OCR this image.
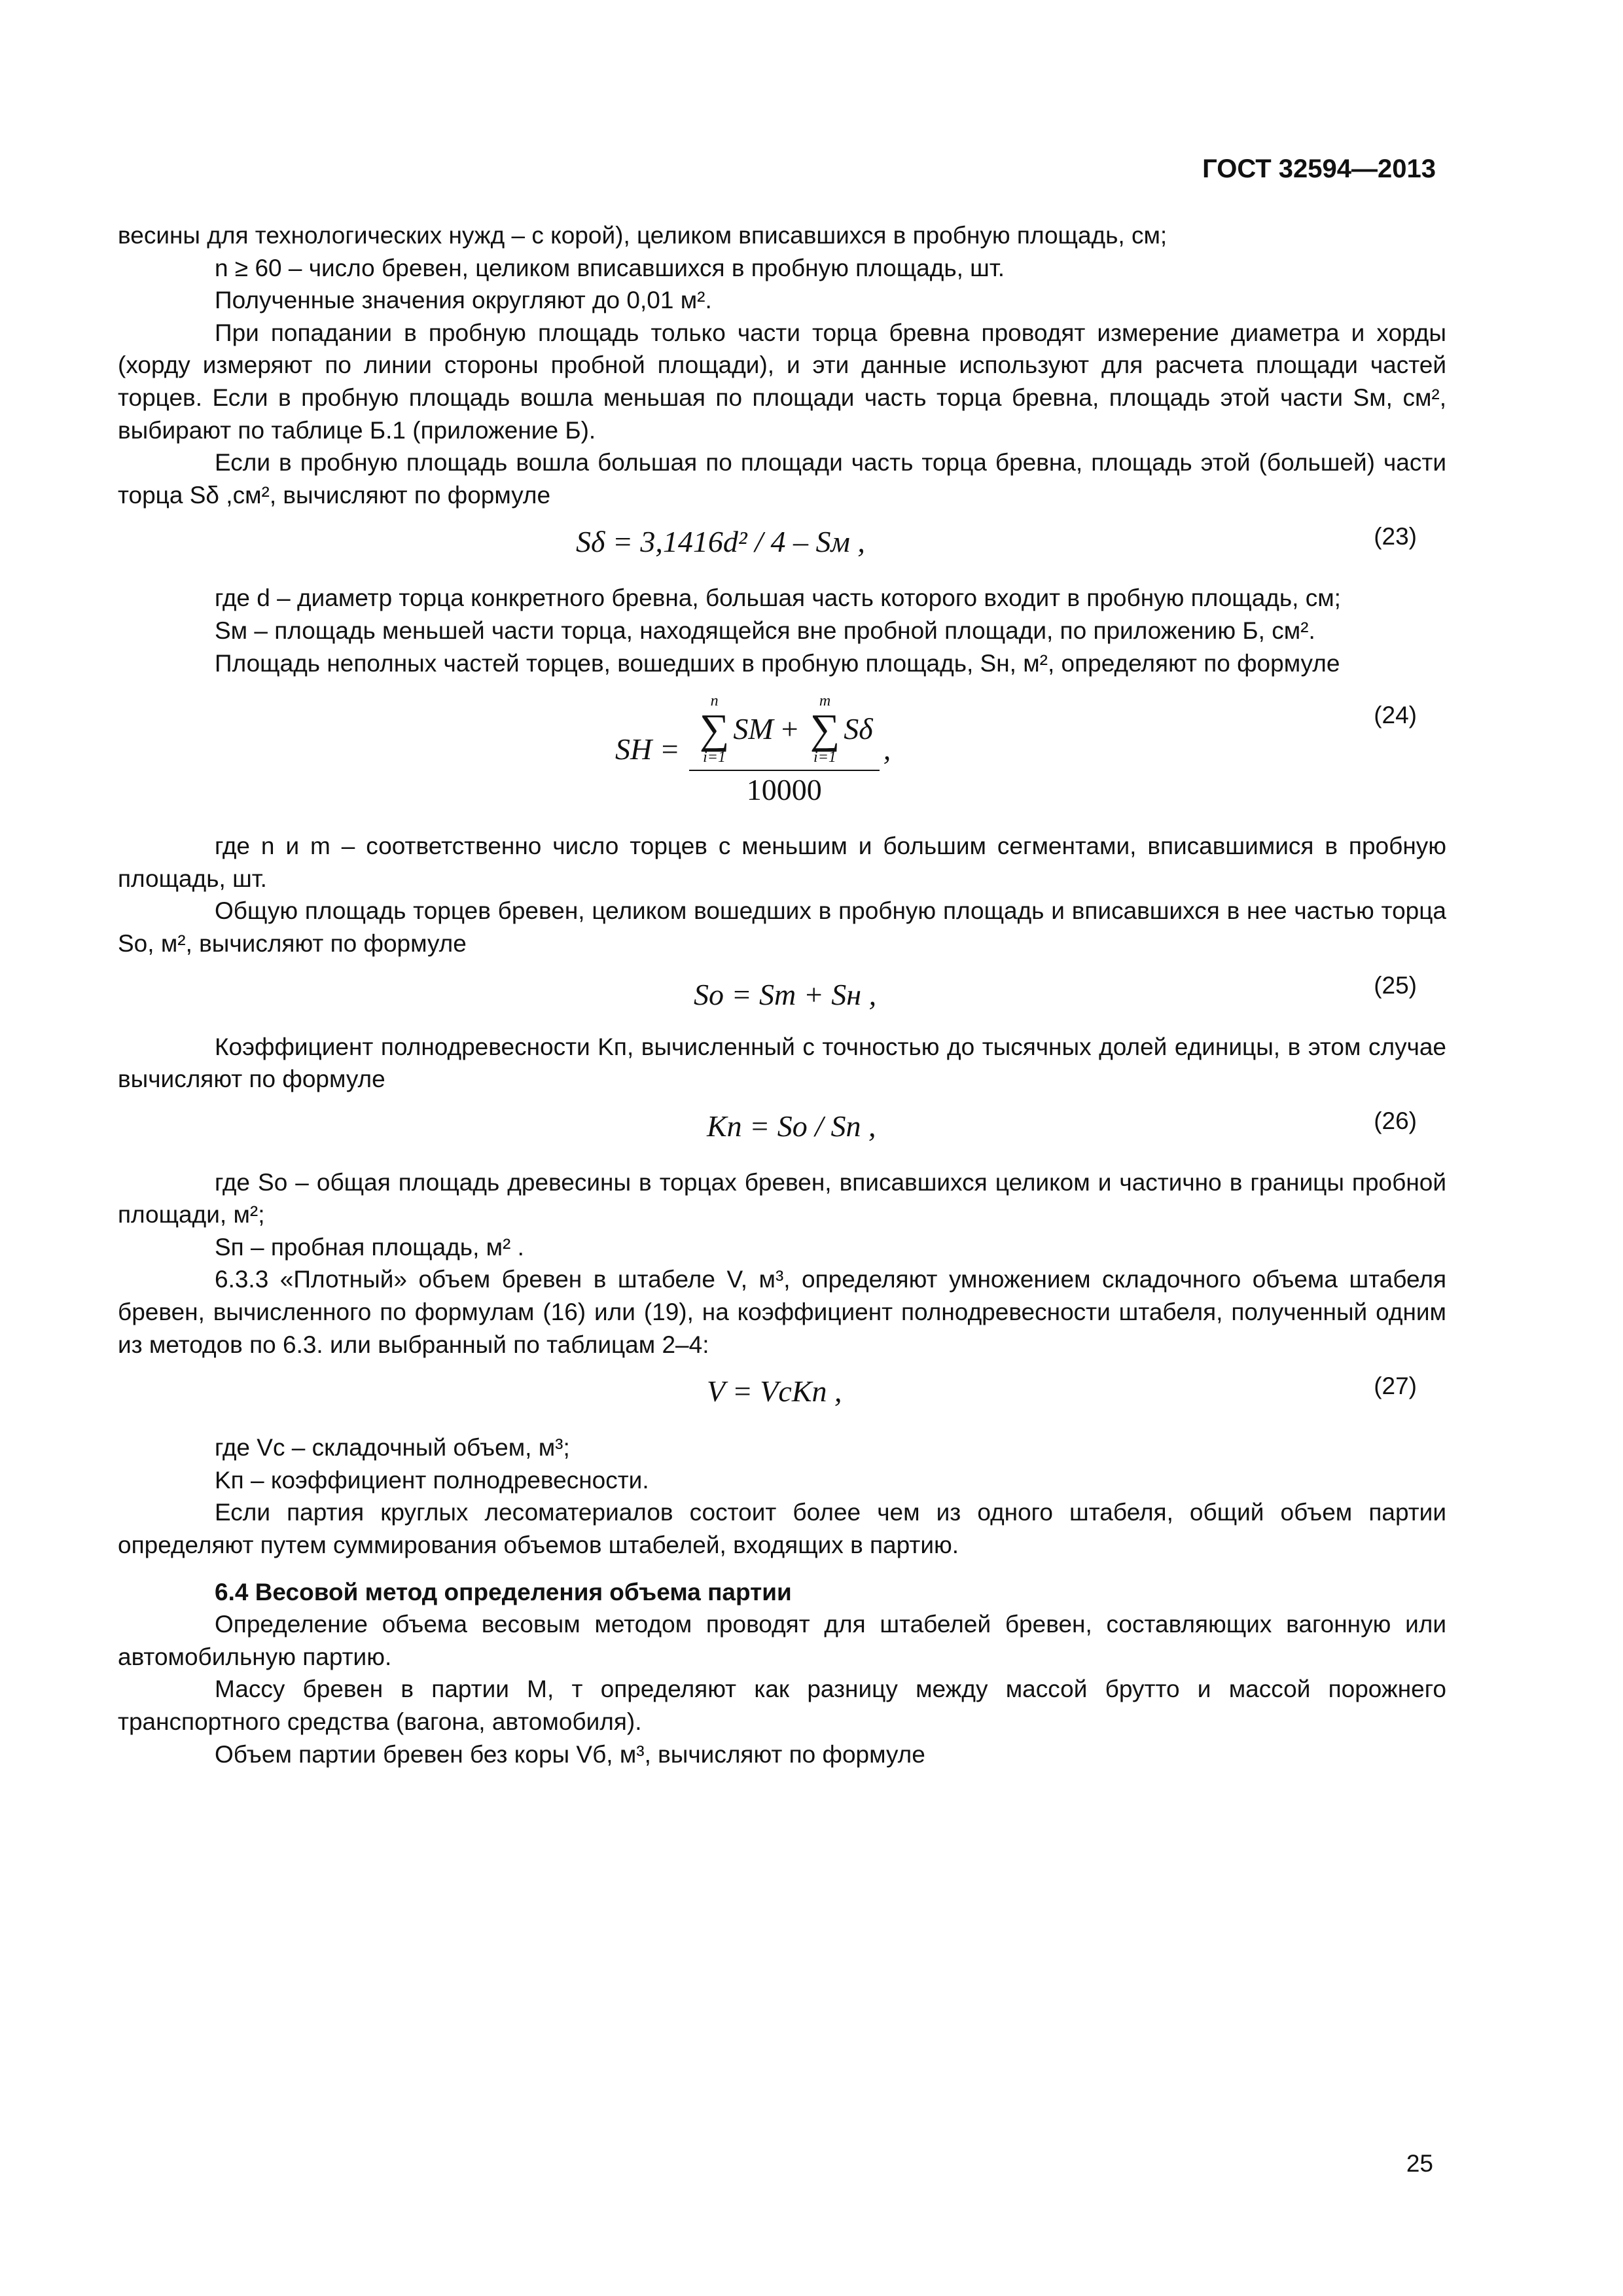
ГОСТ 32594—2013

весины для технологических нужд – с корой), целиком вписавшихся в пробную площадь, см;

n ≥ 60 – число бревен, целиком вписавшихся в пробную площадь, шт.

Полученные значения округляют до 0,01 м².

При попадании в пробную площадь только части торца бревна проводят измерение диаметра и хорды (хорду измеряют по линии стороны пробной площади), и эти данные используют для расчета площади частей торцев. Если в пробную площадь вошла меньшая по площади часть торца бревна, площадь этой части Sм, см², выбирают по таблице Б.1 (приложение Б).

Если в пробную площадь вошла большая по площади часть торца бревна, площадь этой (большей) части торца Sδ ,см², вычисляют по формуле

Sδ = 3,1416d² / 4 – Sм ,	(23)

где d – диаметр торца конкретного бревна, большая часть которого входит в пробную площадь, см;

Sм – площадь меньшей части торца, находящейся вне пробной площади, по приложению Б, см².

Площадь неполных частей торцев, вошедших в пробную площадь, Sн, м², определяют по формуле

SH =
n
∑
i=1
SM +
m
∑
i=1
Sδ
10000
,
(24)

где n и m – соответственно число торцев с меньшим и большим сегментами, вписавшимися в пробную площадь, шт.

Общую площадь торцев бревен, целиком вошедших в пробную площадь и вписавшихся в нее частью торца Sо, м², вычисляют по формуле

Sо = Sт + Sн ,	(25)

Коэффициент полнодревесности Kп, вычисленный с точностью до тысячных долей единицы, в этом случае вычисляют по формуле

Kп = So / Sn ,	(26)

где Sо – общая площадь древесины в торцах бревен, вписавшихся целиком и частично в границы пробной площади, м²;

Sп – пробная площадь, м² .

6.3.3 «Плотный» объем бревен в штабеле V, м³, определяют умножением складочного объема штабеля бревен, вычисленного по формулам (16) или (19), на коэффициент полнодревесности штабеля, полученный одним из методов по 6.3. или выбранный по таблицам 2–4:

V = VcKn ,	(27)

где Vс – складочный объем, м³;

Kп – коэффициент полнодревесности.

Если партия круглых лесоматериалов состоит более чем из одного штабеля, общий объем партии определяют путем суммирования объемов штабелей, входящих в партию.

6.4 Весовой метод определения объема партии

Определение объема весовым методом проводят для штабелей бревен, составляющих вагонную или автомобильную партию.

Массу бревен в партии M, т определяют как разницу между массой брутто и массой порожнего транспортного средства (вагона, автомобиля).

Объем партии бревен без коры Vб, м³, вычисляют по формуле

25
